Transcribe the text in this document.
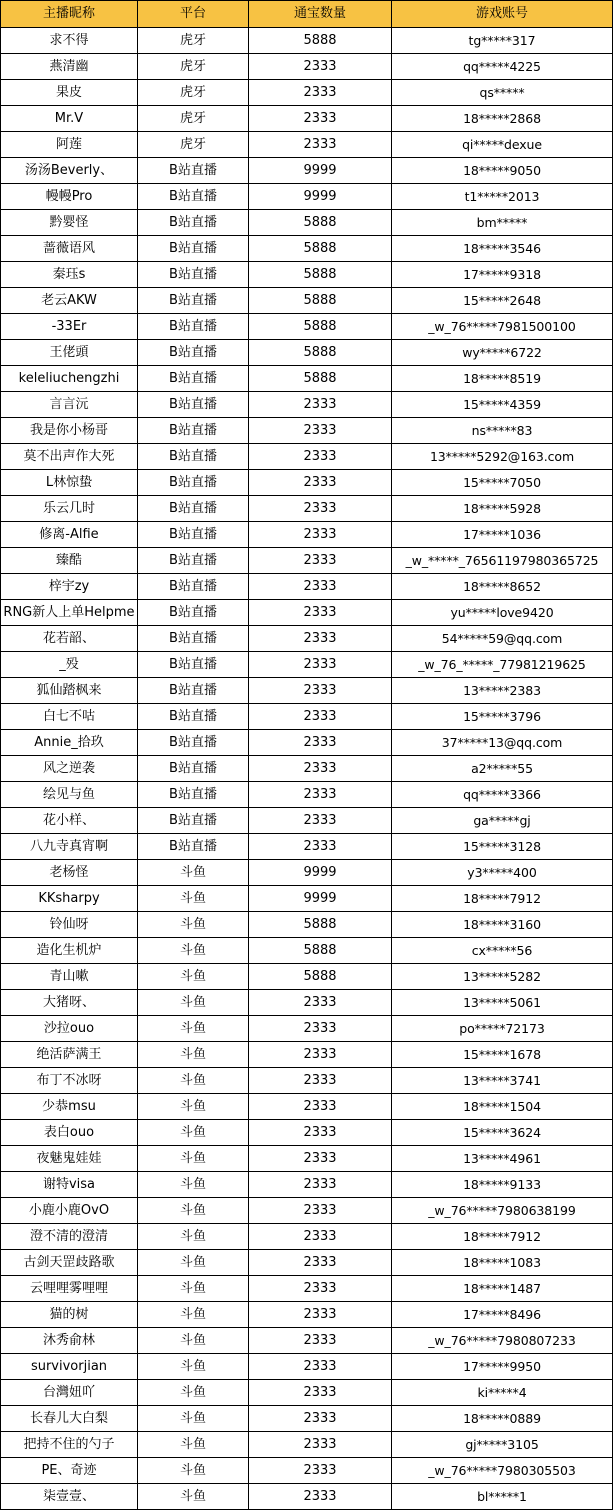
主播昵称	平台	通宝数量	游戏账号
求不得	虎牙	5888	tg*****317
燕清幽	虎牙	2333	qq*****4225
果皮	虎牙	2333	qs*****
Mr.V	虎牙	2333	18*****2868
阿莲	虎牙	2333	qi*****dexue
汤汤Beverly、	B站直播	9999	18*****9050
幔幔Pro	B站直播	9999	t1*****2013
黔婴怪	B站直播	5888	bm*****
蔷薇语风	B站直播	5888	18*****3546
秦珏s	B站直播	5888	17*****9318
老云AKW	B站直播	5888	15*****2648
-33Er	B站直播	5888	_w_76*****7981500100
王佬頭	B站直播	5888	wy*****6722
keleliuchengzhi	B站直播	5888	18*****8519
言言沅	B站直播	2333	15*****4359
我是你小杨哥	B站直播	2333	ns*****83
莫不出声作大死	B站直播	2333	13*****5292@163.com
L林惊蛰	B站直播	2333	15*****7050
乐云几时	B站直播	2333	18*****5928
修离-Alfie	B站直播	2333	17*****1036
臻酷	B站直播	2333	_w_*****_76561197980365725
梓宇zy	B站直播	2333	18*****8652
RNG新人上单Helpme	B站直播	2333	yu*****love9420
花若韶、	B站直播	2333	54*****59@qq.com
_殁	B站直播	2333	_w_76_*****_77981219625
狐仙踏枫来	B站直播	2333	13*****2383
白七不咕	B站直播	2333	15*****3796
Annie_拾玖	B站直播	2333	37*****13@qq.com
风之逆袭	B站直播	2333	a2*****55
绘见与鱼	B站直播	2333	qq*****3366
花小样、	B站直播	2333	ga*****gj
八九寺真宵啊	B站直播	2333	15*****3128
老杨怪	斗鱼	9999	y3*****400
KKsharpy	斗鱼	9999	18*****7912
铃仙呀	斗鱼	5888	18*****3160
造化生机炉	斗鱼	5888	cx*****56
青山嗽	斗鱼	5888	13*****5282
大猪呀、	斗鱼	2333	13*****5061
沙拉ouo	斗鱼	2333	po*****72173
绝活萨满王	斗鱼	2333	15*****1678
布丁不冰呀	斗鱼	2333	13*****3741
少恭msu	斗鱼	2333	18*****1504
表白ouo	斗鱼	2333	15*****3624
夜魅鬼娃娃	斗鱼	2333	13*****4961
谢特visa	斗鱼	2333	18*****9133
小鹿小鹿OvO	斗鱼	2333	_w_76*****7980638199
澄不清的澄清	斗鱼	2333	18*****7912
古剑天罡歧路歌	斗鱼	2333	18*****1083
云哩哩雾哩哩	斗鱼	2333	18*****1487
猫的树	斗鱼	2333	17*****8496
沐秀俞林	斗鱼	2333	_w_76*****7980807233
survivorjian	斗鱼	2333	17*****9950
台灣妞吖	斗鱼	2333	ki*****4
长春儿大白梨	斗鱼	2333	18*****0889
把持不住的勺子	斗鱼	2333	gj*****3105
PE、奇迹	斗鱼	2333	_w_76*****7980305503
柒壹壹、	斗鱼	2333	bl*****1
